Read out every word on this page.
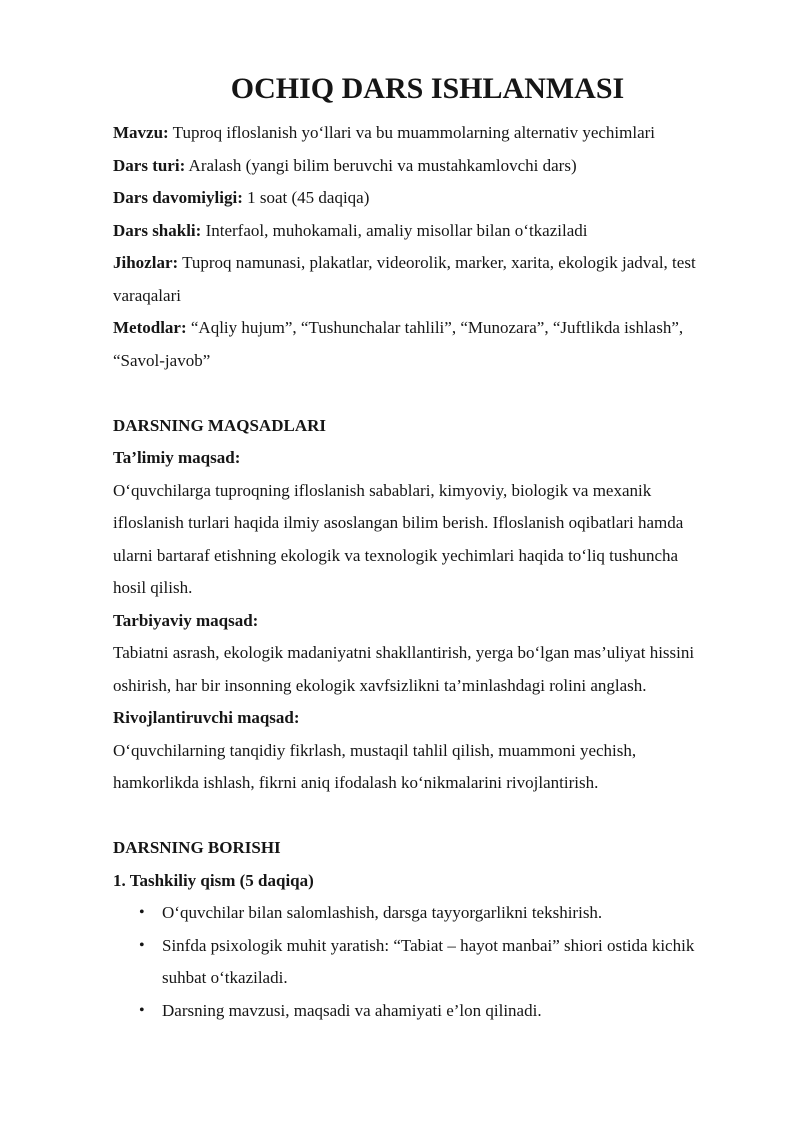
OCHIQ DARS ISHLANMASI

Mavzu: Tuproq ifloslanish yo‘llari va bu muammolarning alternativ yechimlari

Dars turi: Aralash (yangi bilim beruvchi va mustahkamlovchi dars)

Dars davomiyligi: 1 soat (45 daqiqa)

Dars shakli: Interfaol, muhokamali, amaliy misollar bilan o‘tkaziladi

Jihozlar: Tuproq namunasi, plakatlar, videorolik, marker, xarita, ekologik jadval, test varaqalari

Metodlar: “Aqliy hujum”, “Tushunchalar tahlili”, “Munozara”, “Juftlikda ishlash”, “Savol-javob”

DARSNING MAQSADLARI

Ta’limiy maqsad:

O‘quvchilarga tuproqning ifloslanish sabablari, kimyoviy, biologik va mexanik ifloslanish turlari haqida ilmiy asoslangan bilim berish. Ifloslanish oqibatlari hamda ularni bartaraf etishning ekologik va texnologik yechimlari haqida to‘liq tushuncha hosil qilish.

Tarbiyaviy maqsad:

Tabiatni asrash, ekologik madaniyatni shakllantirish, yerga bo‘lgan mas’uliyat hissini oshirish, har bir insonning ekologik xavfsizlikni ta’minlashdagi rolini anglash.

Rivojlantiruvchi maqsad:

O‘quvchilarning tanqidiy fikrlash, mustaqil tahlil qilish, muammoni yechish, hamkorlikda ishlash, fikrni aniq ifodalash ko‘nikmalarini rivojlantirish.

DARSNING BORISHI

1. Tashkiliy qism (5 daqiqa)

• O‘quvchilar bilan salomlashish, darsga tayyorgarlikni tekshirish.
• Sinfda psixologik muhit yaratish: “Tabiat – hayot manbai” shiori ostida kichik suhbat o‘tkaziladi.
• Darsning mavzusi, maqsadi va ahamiyati e’lon qilinadi.
